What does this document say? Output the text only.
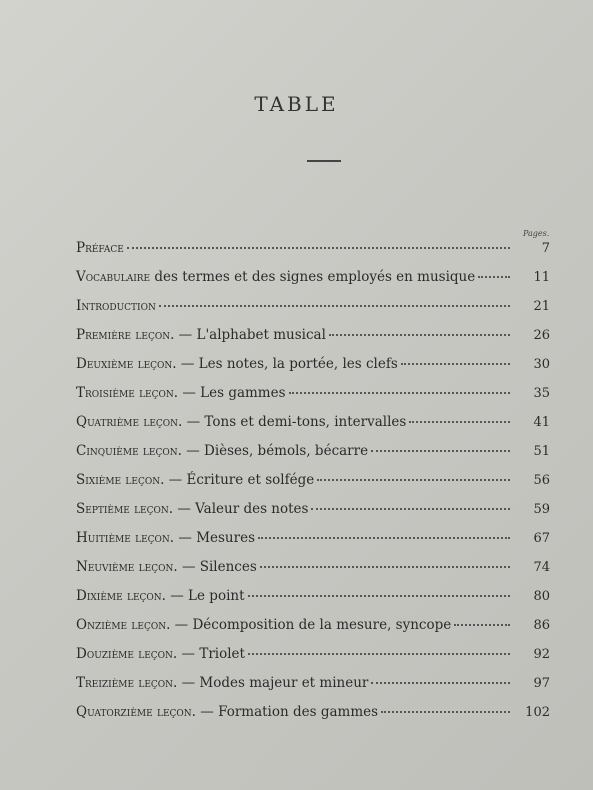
TABLE
Pages.
Préface	7
Vocabulaire des termes et des signes employés en musique	11
Introduction	21
Première leçon. — L'alphabet musical	26
Deuxième leçon. — Les notes, la portée, les clefs	30
Troisième leçon. — Les gammes	35
Quatrième leçon. — Tons et demi-tons, intervalles	41
Cinquième leçon. — Dièses, bémols, bécarre	51
Sixième leçon. — Écriture et solfége	56
Septième leçon. — Valeur des notes	59
Huitième leçon. — Mesures	67
Neuvième leçon. — Silences	74
Dixième leçon. — Le point	80
Onzième leçon. — Décomposition de la mesure, syncope	86
Douzième leçon. — Triolet	92
Treizième leçon. — Modes majeur et mineur	97
Quatorzième leçon. — Formation des gammes	102
